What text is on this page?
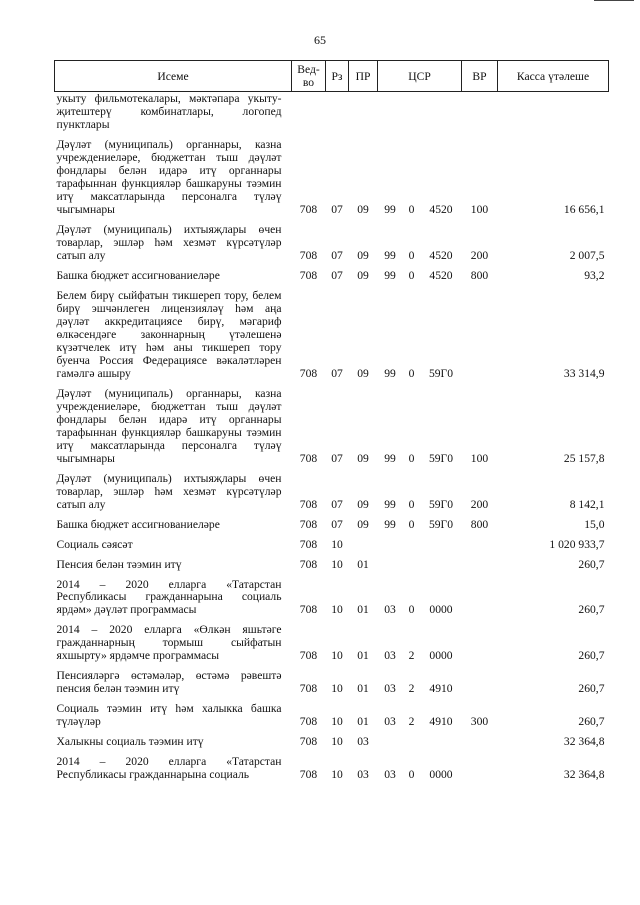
65
Исеме	Вед-во	Рз	ПР	ЦСР			ВР	Касса үтәлеше
укыту фильмотекалары, мәктәпара укыту-җитештерү комбинатлары, логопед пунктлары								
Дәүләт (муниципаль) органнары, казна учреждениеләре, бюджеттан тыш дәүләт фондлары белән идарә итү органнары тарафыннан функцияләр башкаруны тәэмин итү максатларында персоналга түләү чыгымнары	708	07	09	99	0	4520	100	16 656,1
Дәүләт (муниципаль) ихтыяҗлары өчен товарлар, эшләр һәм хезмәт күрсәтүләр сатып алу	708	07	09	99	0	4520	200	2 007,5
Башка бюджет ассигнованиеләре	708	07	09	99	0	4520	800	93,2
Белем бирү сыйфатын тикшереп тору, белем бирү эшчәнлеген лицензияләү һәм аңа дәүләт аккредитациясе бирү, мәгариф өлкәсендәге законнарның үтәлешенә күзәтчелек итү һәм аны тикшереп тору буенча Россия Федерациясе вәкаләтләрен гамәлгә ашыру	708	07	09	99	0	59Г0		33 314,9
Дәүләт (муниципаль) органнары, казна учреждениеләре, бюджеттан тыш дәүләт фондлары белән идарә итү органнары тарафыннан функцияләр башкаруны тәэмин итү максатларында персоналга түләү чыгымнары	708	07	09	99	0	59Г0	100	25 157,8
Дәүләт (муниципаль) ихтыяҗлары өчен товарлар, эшләр һәм хезмәт күрсәтүләр сатып алу	708	07	09	99	0	59Г0	200	8 142,1
Башка бюджет ассигнованиеләре	708	07	09	99	0	59Г0	800	15,0
Социаль сәясәт	708	10						1 020 933,7
Пенсия белән тәэмин итү	708	10	01					260,7
2014 – 2020 елларга «Татарстан Республикасы гражданнарына социаль ярдәм» дәүләт программасы	708	10	01	03	0	0000		260,7
2014 – 2020 елларга «Өлкән яшьтәге гражданнарның тормыш сыйфатын яхшырту» ярдәмче программасы	708	10	01	03	2	0000		260,7
Пенсияләргә өстәмәләр, өстәмә рәвештә пенсия белән тәэмин итү	708	10	01	03	2	4910		260,7
Социаль тәэмин итү һәм халыкка башка түләүләр	708	10	01	03	2	4910	300	260,7
Халыкны социаль тәэмин итү	708	10	03					32 364,8
2014 – 2020 елларга «Татарстан Республикасы гражданнарына социаль	708	10	03	03	0	0000		32 364,8
